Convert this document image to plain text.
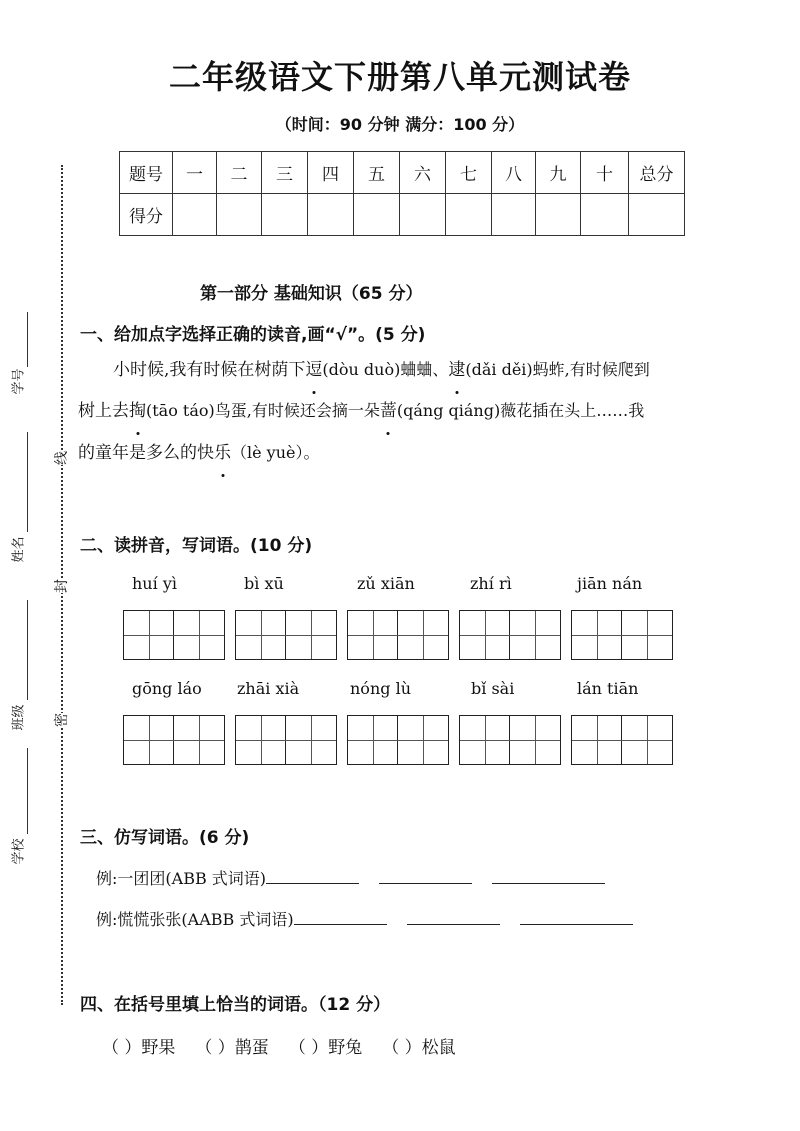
二年级语文下册第八单元测试卷
（时间：90 分钟 满分：100 分）
题号	一	二	三	四	五	六	七	八	九	十	总分
得分											
线
封
密
学号
姓名
班级
学校
第一部分 基础知识（65 分）
一、给加点字选择正确的读音,画“√”。(5 分)
小时候,我有时候在树荫下逗(dòu duò)蛐蛐、逮(dǎi děi)蚂蚱,有时候爬到
树上去掏(tāo táo)鸟蛋,有时候还会摘一朵蔷(qáng qiáng)薇花插在头上……我
的童年是多么的快乐（lè yuè）。
二、读拼音，写词语。(10 分)
huí yì	bì xū	zǔ xiān	zhí rì	jiān nán
gōng láo	zhāi xià	nóng lù	bǐ sài	lán tiān
三、仿写词语。(6 分)
例:一团团(ABB 式词语)
例:慌慌张张(AABB 式词语)
四、在括号里填上恰当的词语。（12 分）
（ ）野果 （ ）鹊蛋 （ ）野兔 （ ）松鼠
